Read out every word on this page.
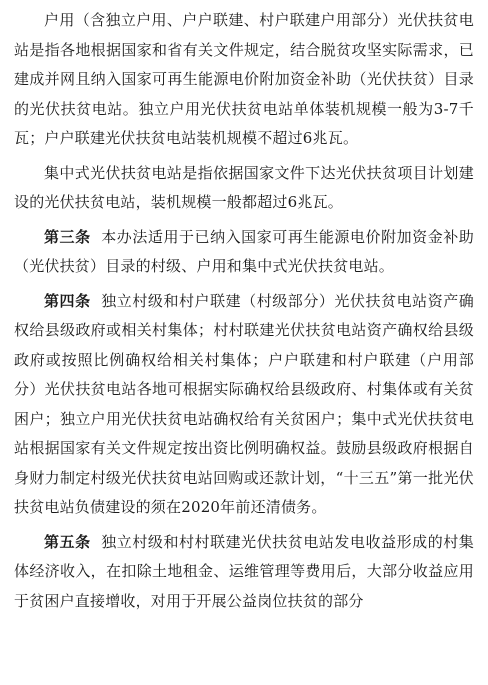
户用（含独立户用、户户联建、村户联建户用部分）光伏扶贫电站是指各地根据国家和省有关文件规定，结合脱贫攻坚实际需求，已建成并网且纳入国家可再生能源电价附加资金补助（光伏扶贫）目录的光伏扶贫电站。独立户用光伏扶贫电站单体装机规模一般为3-7千瓦；户户联建光伏扶贫电站装机规模不超过6兆瓦。

集中式光伏扶贫电站是指依据国家文件下达光伏扶贫项目计划建设的光伏扶贫电站，装机规模一般都超过6兆瓦。

第三条 本办法适用于已纳入国家可再生能源电价附加资金补助（光伏扶贫）目录的村级、户用和集中式光伏扶贫电站。

第四条 独立村级和村户联建（村级部分）光伏扶贫电站资产确权给县级政府或相关村集体；村村联建光伏扶贫电站资产确权给县级政府或按照比例确权给相关村集体；户户联建和村户联建（户用部分）光伏扶贫电站各地可根据实际确权给县级政府、村集体或有关贫困户；独立户用光伏扶贫电站确权给有关贫困户；集中式光伏扶贫电站根据国家有关文件规定按出资比例明确权益。鼓励县级政府根据自身财力制定村级光伏扶贫电站回购或还款计划，“十三五”第一批光伏扶贫电站负债建设的须在2020年前还清债务。

第五条 独立村级和村村联建光伏扶贫电站发电收益形成的村集体经济收入，在扣除土地租金、运维管理等费用后，大部分收益应用于贫困户直接增收，对用于开展公益岗位扶贫的部分
